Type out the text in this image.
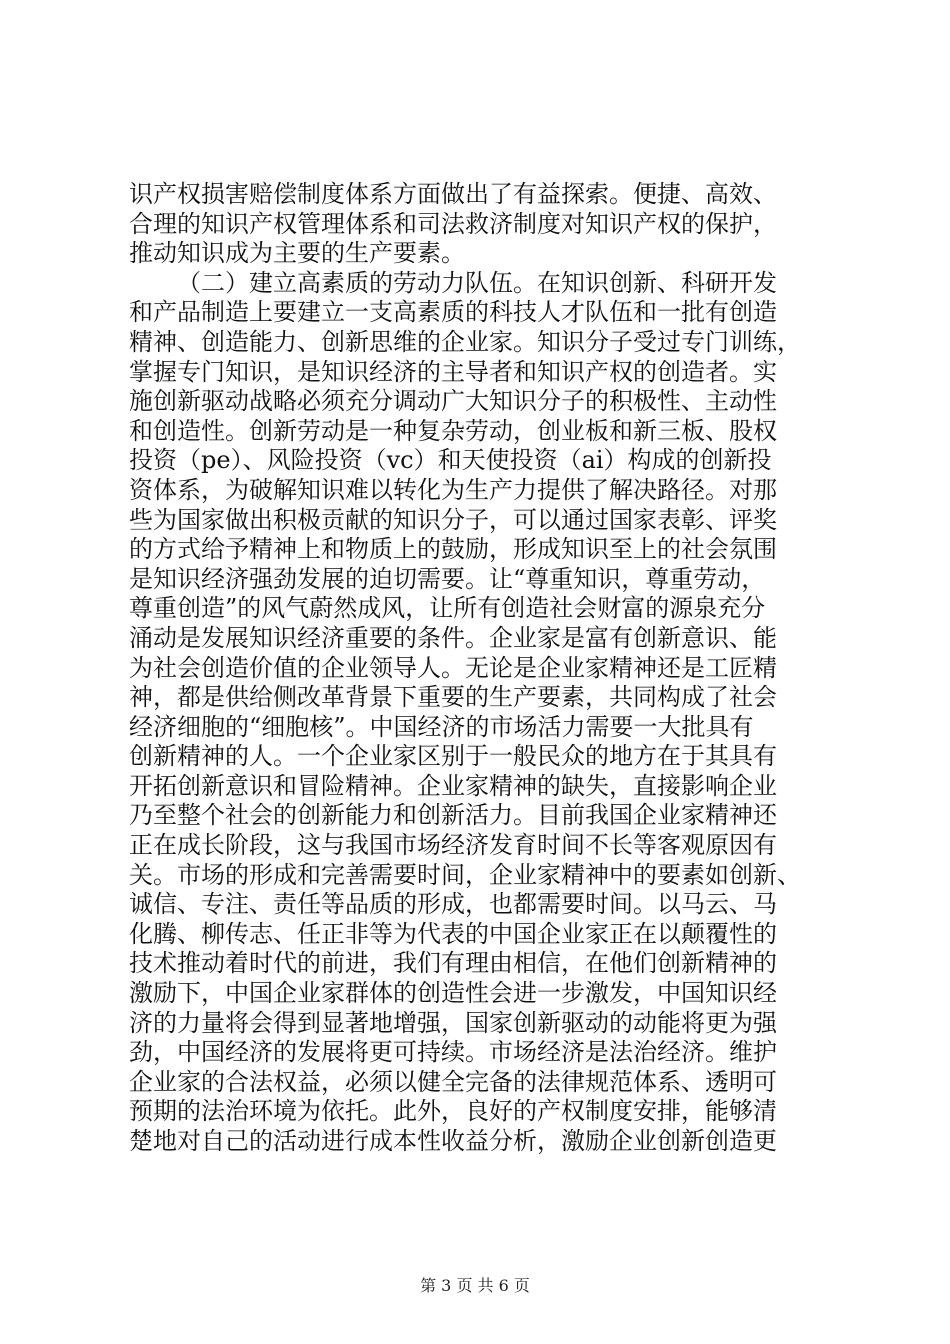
识产权损害赔偿制度体系方面做出了有益探索。便捷、高效、
合理的知识产权管理体系和司法救济制度对知识产权的保护，
推动知识成为主要的生产要素。
（二）建立高素质的劳动力队伍。在知识创新、科研开发
和产品制造上要建立一支高素质的科技人才队伍和一批有创造
精神、创造能力、创新思维的企业家。知识分子受过专门训练，
掌握专门知识，是知识经济的主导者和知识产权的创造者。实
施创新驱动战略必须充分调动广大知识分子的积极性、主动性
和创造性。创新劳动是一种复杂劳动，创业板和新三板、股权
投资（pe）、风险投资（vc）和天使投资（ai）构成的创新投
资体系，为破解知识难以转化为生产力提供了解决路径。对那
些为国家做出积极贡献的知识分子，可以通过国家表彰、评奖
的方式给予精神上和物质上的鼓励，形成知识至上的社会氛围
是知识经济强劲发展的迫切需要。让“尊重知识，尊重劳动，
尊重创造”的风气蔚然成风，让所有创造社会财富的源泉充分
涌动是发展知识经济重要的条件。企业家是富有创新意识、能
为社会创造价值的企业领导人。无论是企业家精神还是工匠精
神，都是供给侧改革背景下重要的生产要素，共同构成了社会
经济细胞的“细胞核”。中国经济的市场活力需要一大批具有
创新精神的人。一个企业家区别于一般民众的地方在于其具有
开拓创新意识和冒险精神。企业家精神的缺失，直接影响企业
乃至整个社会的创新能力和创新活力。目前我国企业家精神还
正在成长阶段，这与我国市场经济发育时间不长等客观原因有
关。市场的形成和完善需要时间，企业家精神中的要素如创新、
诚信、专注、责任等品质的形成，也都需要时间。以马云、马
化腾、柳传志、任正非等为代表的中国企业家正在以颠覆性的
技术推动着时代的前进，我们有理由相信，在他们创新精神的
激励下，中国企业家群体的创造性会进一步激发，中国知识经
济的力量将会得到显著地增强，国家创新驱动的动能将更为强
劲，中国经济的发展将更可持续。市场经济是法治经济。维护
企业家的合法权益，必须以健全完备的法律规范体系、透明可
预期的法治环境为依托。此外，良好的产权制度安排，能够清
楚地对自己的活动进行成本性收益分析，激励企业创新创造更
第 3 页 共 6 页
